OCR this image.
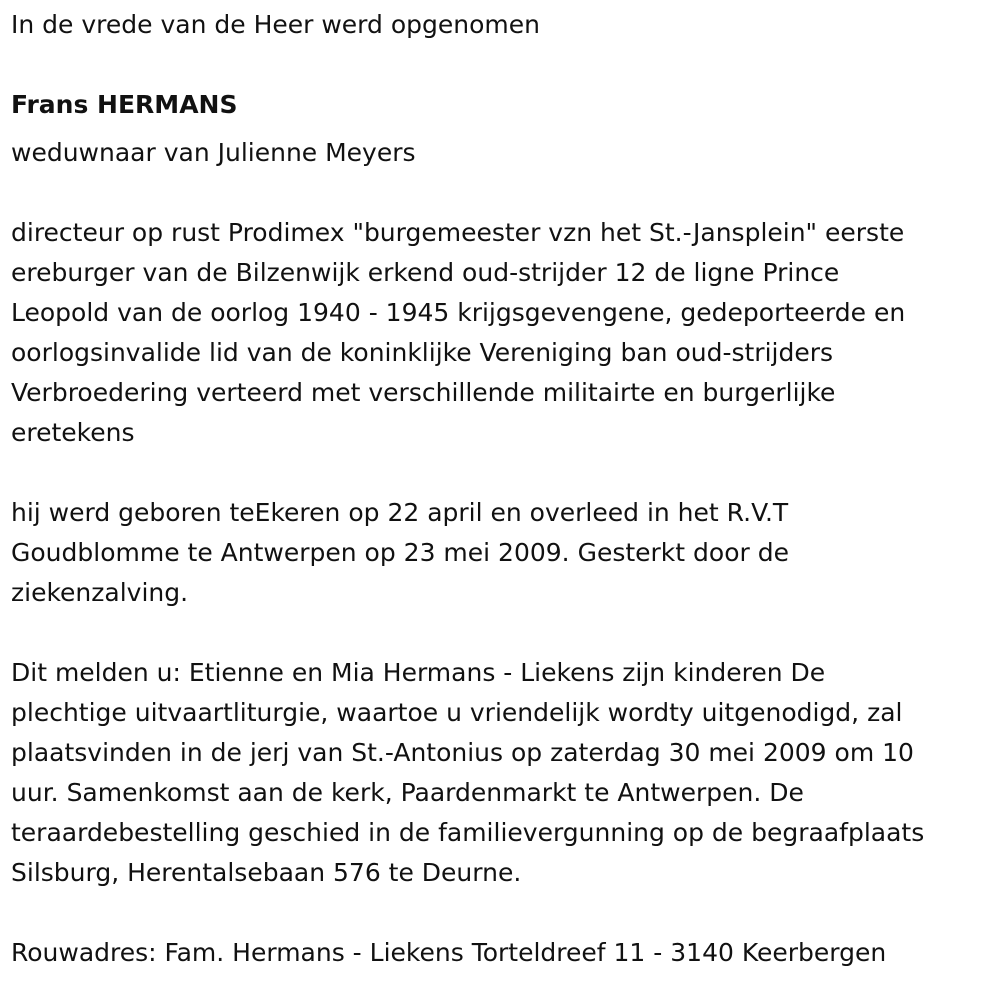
In de vrede van de Heer werd opgenomen

Frans HERMANS

weduwnaar van Julienne Meyers

directeur op rust Prodimex "burgemeester vzn het St.-Jansplein" eerste
ereburger van de Bilzenwijk erkend oud-strijder 12 de ligne Prince
Leopold van de oorlog 1940 - 1945 krijgsgevengene, gedeporteerde en
oorlogsinvalide lid van de koninklijke Vereniging ban oud-strijders
Verbroedering verteerd met verschillende militairte en burgerlijke
eretekens

hij werd geboren teEkeren op 22 april en overleed in het R.V.T
Goudblomme te Antwerpen op 23 mei 2009. Gesterkt door de
ziekenzalving.

Dit melden u: Etienne en Mia Hermans - Liekens zijn kinderen De
plechtige uitvaartliturgie, waartoe u vriendelijk wordty uitgenodigd, zal
plaatsvinden in de jerj van St.-Antonius op zaterdag 30 mei 2009 om 10
uur. Samenkomst aan de kerk, Paardenmarkt te Antwerpen. De
teraardebestelling geschied in de familievergunning op de begraafplaats
Silsburg, Herentalsebaan 576 te Deurne.

Rouwadres: Fam. Hermans - Liekens Torteldreef 11 - 3140 Keerbergen
